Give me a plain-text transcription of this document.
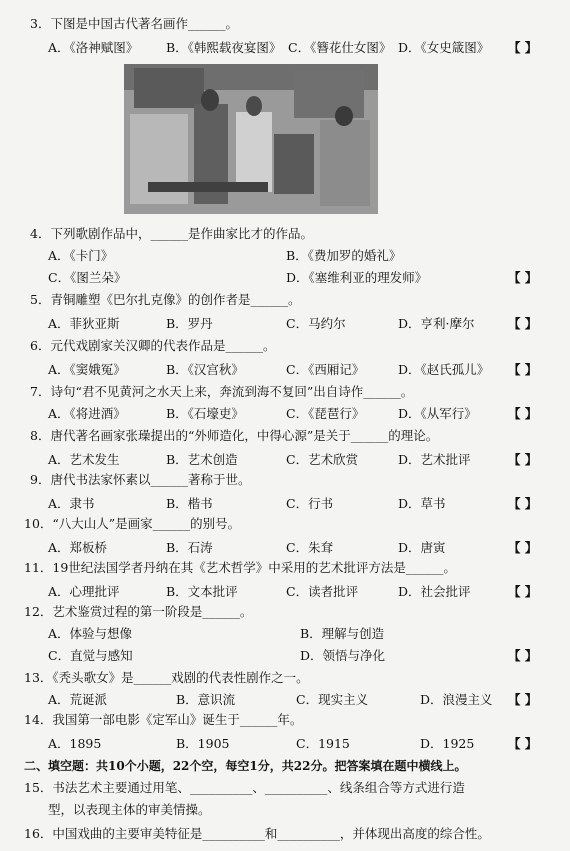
3．下图是中国古代著名画作______。
A．《洛神赋图》 B．《韩熙载夜宴图》 C．《簪花仕女图》 D．《女史箴图》 【 】
4．下列歌剧作品中，______是作曲家比才的作品。
A．《卡门》	B．《费加罗的婚礼》
C．《图兰朵》	D．《塞维利亚的理发师》	【 】
5．青铜雕塑《巴尔扎克像》的创作者是______。
A．菲狄亚斯	B．罗丹	C．马约尔	D．亨利·摩尔	【 】
6．元代戏剧家关汉卿的代表作品是______。
A．《窦娥冤》	B．《汉宫秋》	C．《西厢记》	D．《赵氏孤儿》 【 】
7．诗句“君不见黄河之水天上来，奔流到海不复回”出自诗作______。
A．《将进酒》	B．《石壕吏》	C．《琵琶行》	D．《从军行》 【 】
8．唐代著名画家张璪提出的“外师造化，中得心源”是关于______的理论。
A．艺术发生	B．艺术创造	C．艺术欣赏	D．艺术批评	【 】
9．唐代书法家怀素以______著称于世。
A．隶书	B．楷书	C．行书	D．草书	【 】
10．“八大山人”是画家______的别号。
A．郑板桥	B．石涛	C．朱耷	D．唐寅	【 】
11．19世纪法国学者丹纳在其《艺术哲学》中采用的艺术批评方法是______。
A．心理批评	B．文本批评	C．读者批评	D．社会批评	【 】
12．艺术鉴赏过程的第一阶段是______。
A．体验与想像	B．理解与创造
C．直觉与感知	D．领悟与净化	【 】
13．《秃头歌女》是______戏剧的代表性剧作之一。
A．荒诞派	B．意识流	C．现实主义	D．浪漫主义 【 】
14．我国第一部电影《定军山》诞生于______年。
A．1895	B．1905	C．1915	D．1925	【 】
二、填空题：共10个小题，22个空，每空1分，共22分。把答案填在题中横线上。
15．书法艺术主要通过用笔、__________、__________、线条组合等方式进行造
型，以表现主体的审美情操。
16．中国戏曲的主要审美特征是__________和__________，并体现出高度的综合性。
